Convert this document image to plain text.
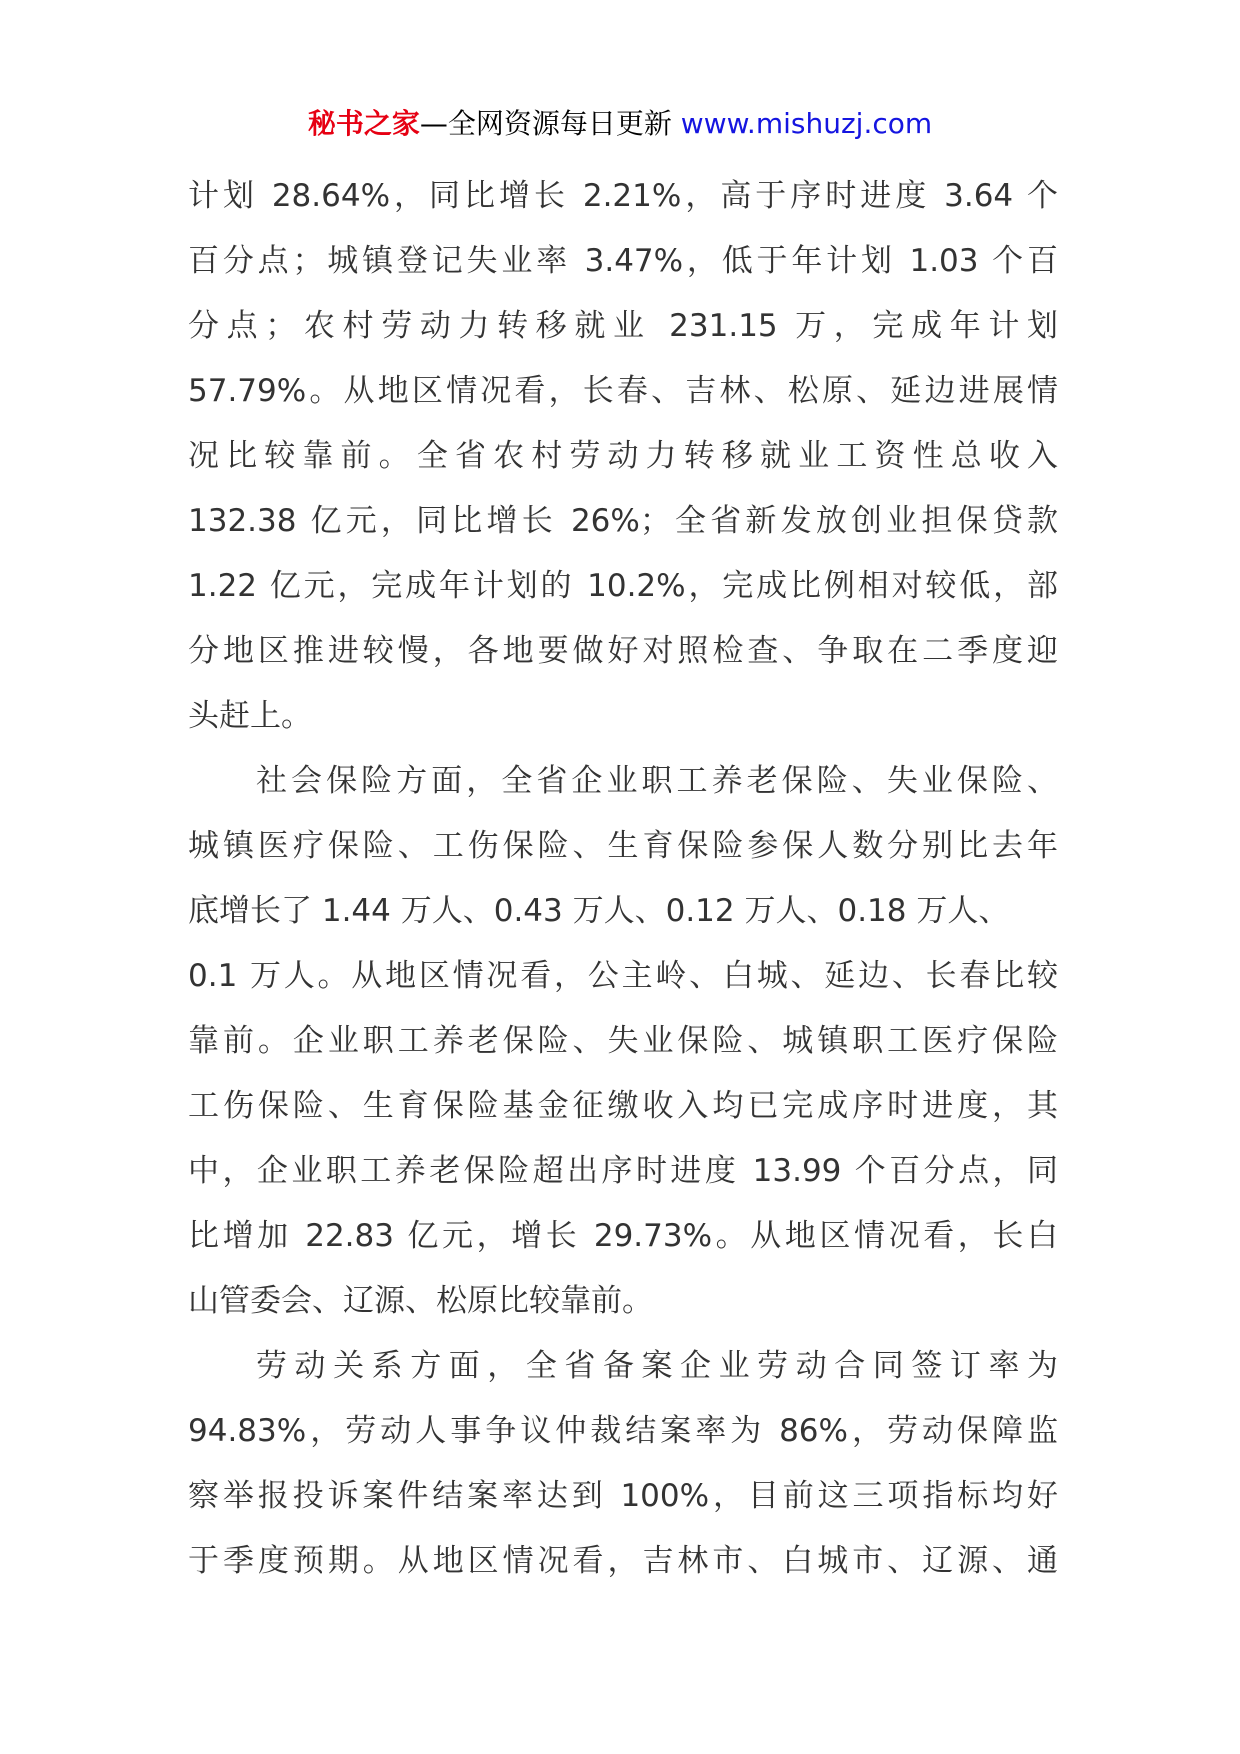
秘书之家—全网资源每日更新 www.mishuzj.com
计划 28.64%，同比增长 2.21%，高于序时进度 3.64 个
百分点；城镇登记失业率 3.47%，低于年计划 1.03 个百
分点；农村劳动力转移就业 231.15 万，完成年计划
57.79%。从地区情况看，长春、吉林、松原、延边进展情
况比较靠前。全省农村劳动力转移就业工资性总收入
132.38 亿元，同比增长 26%；全省新发放创业担保贷款
1.22 亿元，完成年计划的 10.2%，完成比例相对较低，部
分地区推进较慢，各地要做好对照检查、争取在二季度迎
头赶上。
社会保险方面，全省企业职工养老保险、失业保险、
城镇医疗保险、工伤保险、生育保险参保人数分别比去年
底增长了 1.44 万人、0.43 万人、0.12 万人、0.18 万人、
0.1 万人。从地区情况看，公主岭、白城、延边、长春比较
靠前。企业职工养老保险、失业保险、城镇职工医疗保险
工伤保险、生育保险基金征缴收入均已完成序时进度，其
中，企业职工养老保险超出序时进度 13.99 个百分点，同
比增加 22.83 亿元，增长 29.73%。从地区情况看，长白
山管委会、辽源、松原比较靠前。
劳动关系方面，全省备案企业劳动合同签订率为
94.83%，劳动人事争议仲裁结案率为 86%，劳动保障监
察举报投诉案件结案率达到 100%，目前这三项指标均好
于季度预期。从地区情况看，吉林市、白城市、辽源、通
